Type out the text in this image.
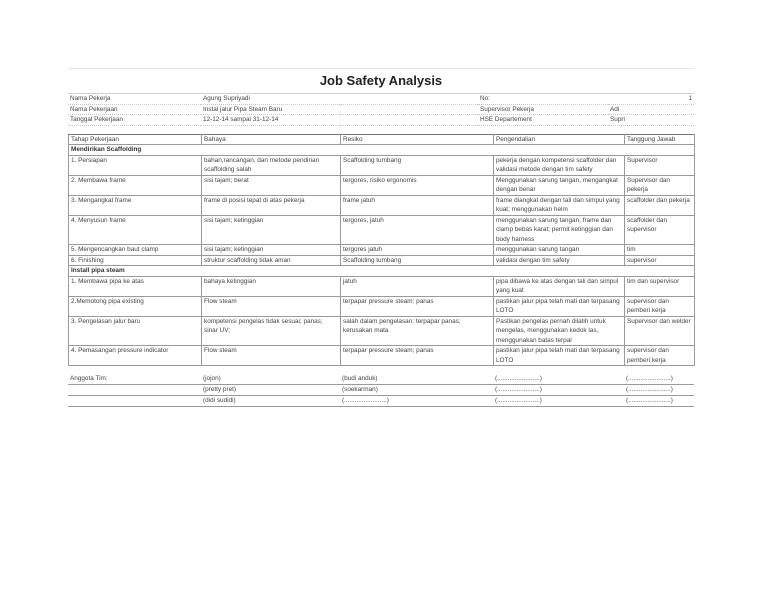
Job Safety Analysis
Nama Pekerja	Agung Supriyadi		No:	1
Nama Pekerjaan	Instal jalur Pipa Steam Baru		Supervisor Pekerja	Adi
Tanggal Pekerjaan	12-12-14 sampai 31-12-14		HSE Departement	Supri
Tahap Pekerjaan	Bahaya	Resiko	Pengendalian	Tanggung Jawab
Mendirikan Scaffolding				
1. Persiapan	bahan,rancangan, dan metode pendirian scaffolding salah	Scaffolding tumbang	pekerja dengan kompetensi scaffolder dan validasi metode dengan tim safety	Supervisor
2. Membawa frame	sisi tajam; berat	tergores, risiko ergonomis	Menggunakan sarung tangan, mengangkat dengan benar	Supervisor dan pekerja
3. Mengangkat frame	frame di posisi tepat di atas pekerja	frame jatuh	frame diangkat dengan tali dan simpul yang kuat; menggunakan helm	scaffolder dan pekerja
4. Menyusun frame	sisi tajam; ketinggian	tergores, jatuh	menggunakan sarung tangan, frame dan clamp bebas karat; permit ketinggian dan body harness	scaffolder dan supervisor
5. Mengencangkan baut clamp	sisi tajam; ketinggian	tergores jatuh	menggunakan sarung tangan	tim
6. Finishing	struktur scaffolding tidak aman	Scaffolding tumbang	validasi dengan tim safety	supervisor
Install pipa steam				
1. Membawa pipa ke atas	bahaya ketinggian	jatuh	pipa dibawa ke atas dengan tali dan simpul yang kuat	tim dan supervisor
2.Memotong pipa existing	Flow steam	terpapar pressure steam; panas	pastikan jalur pipa telah mati dan terpasang LOTO	supervisor dan pemberi kerja
3. Pengelasan jalur baru	kompetensi pengelas tidak sesuai; panas; sinar UV;	salah dalam pengelasan; terpapar panas; kerusakan mata	Pastikan pengelas pernah dilatih untuk mengelas, menggunakan kedok las, menggunakan batas terpal	Supervisor dan welder
4. Pemasangan pressure indicator	Flow steam	terpapar pressure steam; panas	pastikan jalur pipa telah mati dan terpasang LOTO	supervisor dan pemberi kerja
Anggota Tim:	(jojon)	(budi anduk)	(........................)	(........................)
	(pretty pret)	(soekarman)	(........................)	(........................)
	(didi sudidi)	(........................)	(........................)	(........................)
